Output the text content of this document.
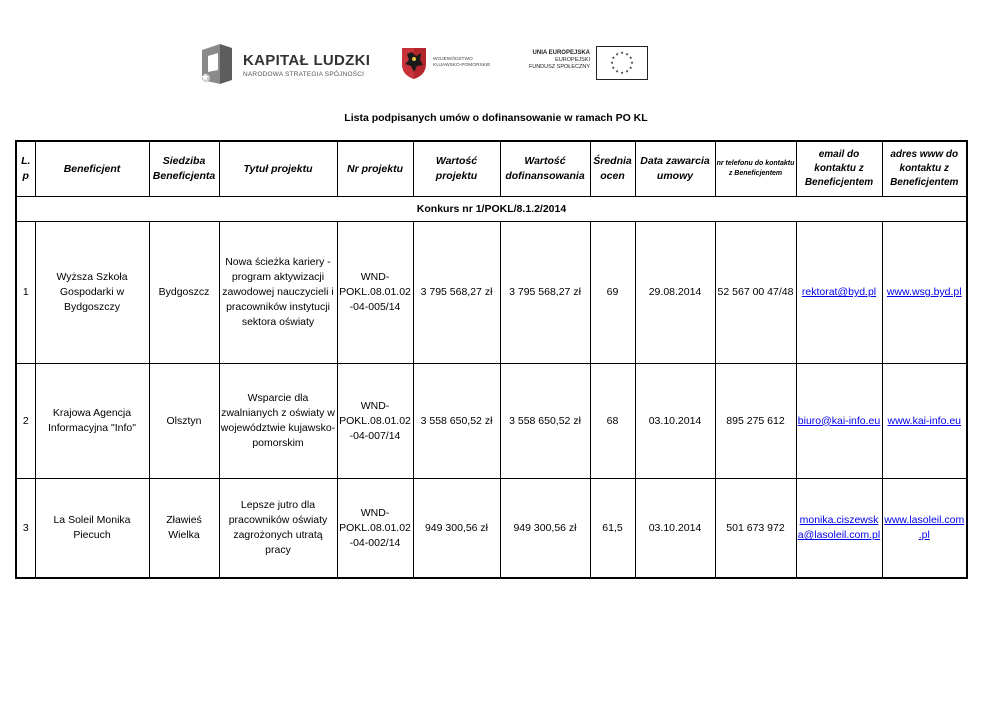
KAPITAŁ LUDZKI
NARODOWA STRATEGIA SPÓJNOŚCI
WOJEWÓDZTWO
KUJAWSKO-POMORSKIE
UNIA EUROPEJSKA
EUROPEJSKI
FUNDUSZ SPOŁECZNY
★ ★
★
★
★
★
★
★
★
★
★
★
Lista podpisanych umów o dofinansowanie w ramach PO KL
L.p	Beneficjent	Siedziba Beneficjenta	Tytuł projektu	Nr projektu	Wartość projektu	Wartość dofinansowania	Średnia ocen	Data zawarcia umowy	nr telefonu do kontaktu z Beneficjentem	email do kontaktu z Beneficjentem	adres www do kontaktu z Beneficjentem
Konkurs nr 1/POKL/8.1.2/2014											
1	Wyższa Szkoła Gospodarki w Bydgoszczy	Bydgoszcz	Nowa ścieżka kariery - program aktywizacji zawodowej nauczycieli i pracowników instytucji sektora oświaty	WND-POKL.08.01.02-04-005/14	3 795 568,27 zł	3 795 568,27 zł	69	29.08.2014	52 567 00 47/48	rektorat@byd.pl	www.wsg.byd.pl
2	Krajowa Agencja Informacyjna "Info"	Olsztyn	Wsparcie dla zwalnianych z oświaty w województwie kujawsko-pomorskim	WND-POKL.08.01.02-04-007/14	3 558 650,52 zł	3 558 650,52 zł	68	03.10.2014	895 275 612	biuro@kai-info.eu	www.kai-info.eu
3	La Soleil Monika Piecuch	Zławieś Wielka	Lepsze jutro dla pracowników oświaty zagrożonych utratą pracy	WND-POKL.08.01.02-04-002/14	949 300,56 zł	949 300,56 zł	61,5	03.10.2014	501 673 972	monika.ciszewska@lasoleil.com.pl	www.lasoleil.com.pl
